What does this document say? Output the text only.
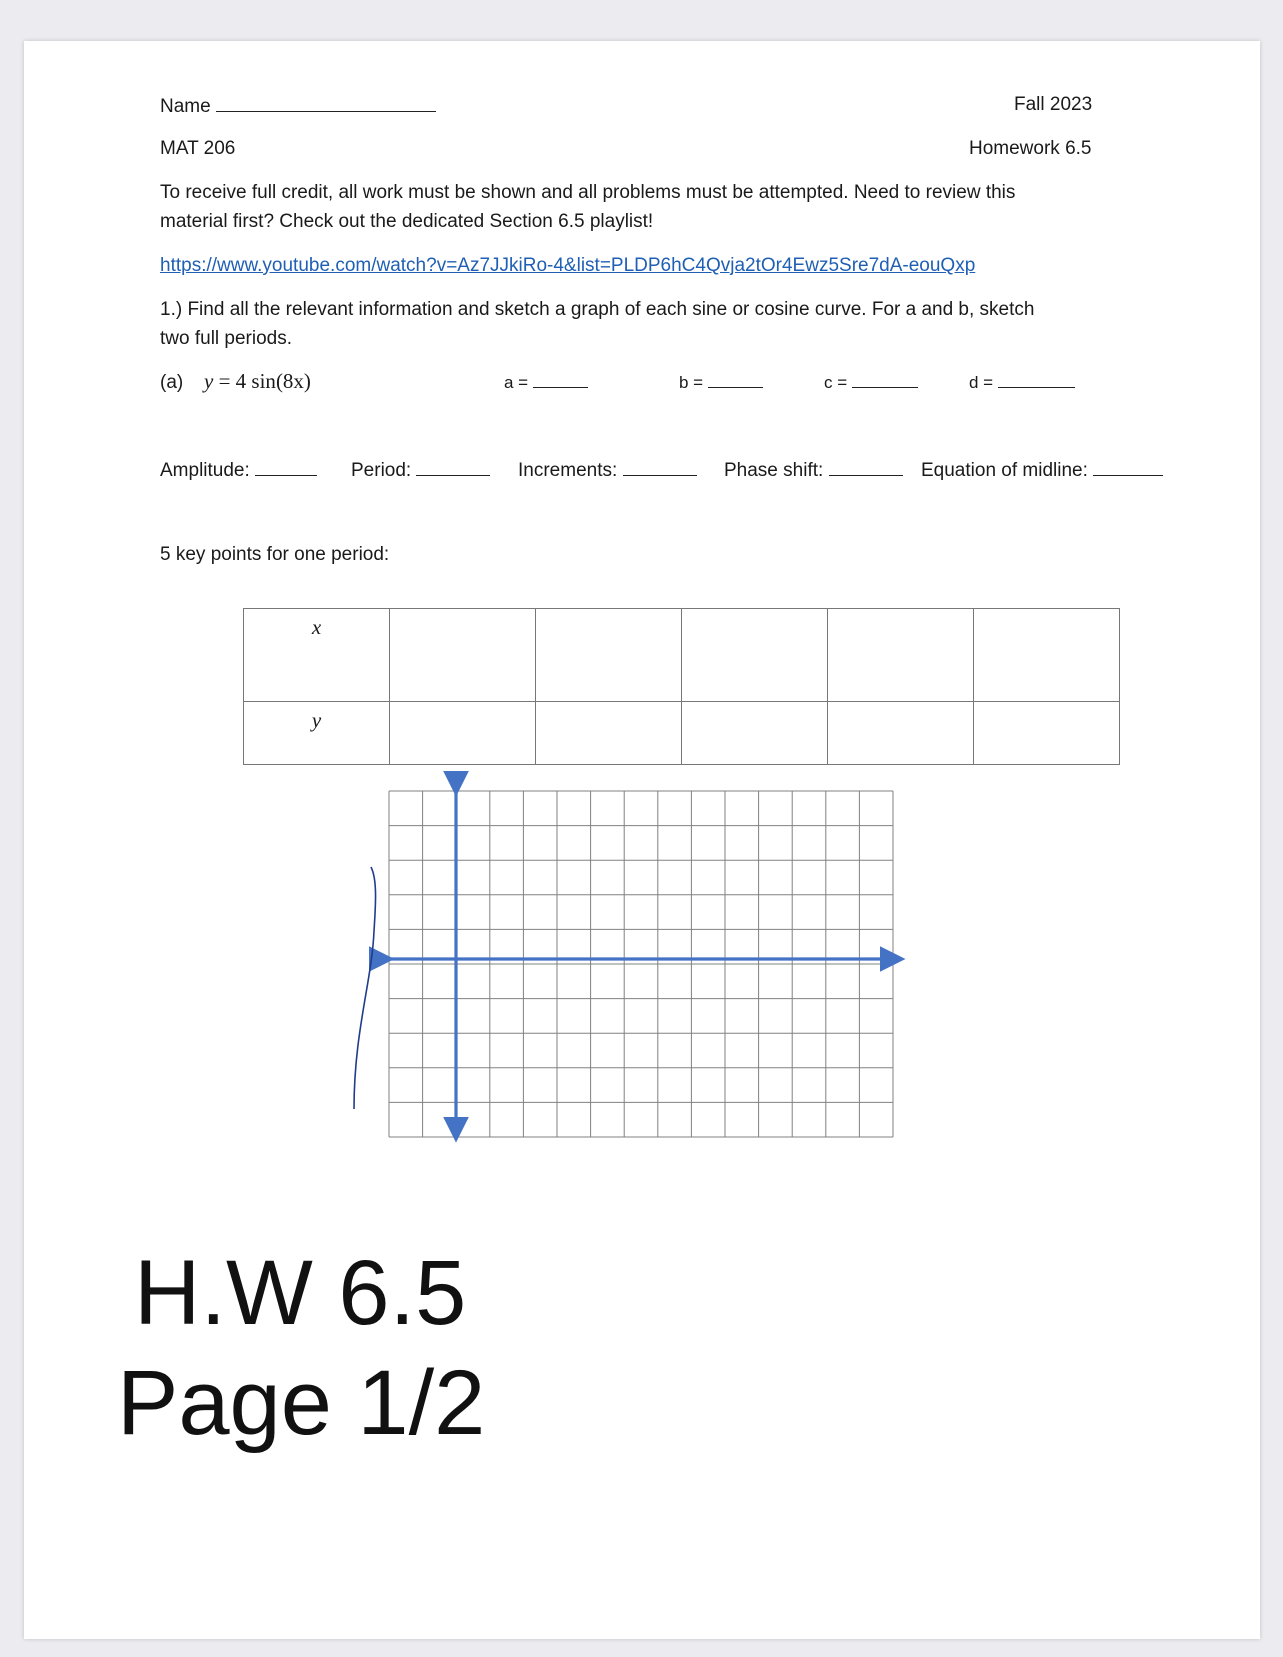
Name	Fall 2023
MAT 206	Homework 6.5
To receive full credit, all work must be shown and all problems must be attempted. Need to review this
material first? Check out the dedicated Section 6.5 playlist!
https://www.youtube.com/watch?v=Az7JJkiRo-4&list=PLDP6hC4Qvja2tOr4Ewz5Sre7dA-eouQxp
1.) Find all the relevant information and sketch a graph of each sine or cosine curve. For a and b, sketch
two full periods.
(a) y = 4 sin(8x)	a =	b =	c =	d =
Amplitude:	Period:	Increments:	Phase shift:	Equation of midline:
5 key points for one period:
x					
y					
H.W 6.5
Page 1/2
